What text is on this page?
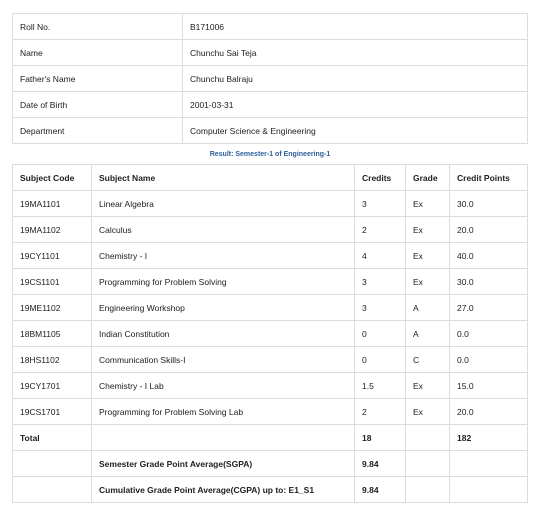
Roll No.	B171006
Name	Chunchu Sai Teja
Father's Name	Chunchu Balraju
Date of Birth	2001-03-31
Department	Computer Science & Engineering
Result: Semester-1 of Engineering-1
Subject Code	Subject Name	Credits	Grade	Credit Points
19MA1101	Linear Algebra	3	Ex	30.0
19MA1102	Calculus	2	Ex	20.0
19CY1101	Chemistry - I	4	Ex	40.0
19CS1101	Programming for Problem Solving	3	Ex	30.0
19ME1102	Engineering Workshop	3	A	27.0
18BM1105	Indian Constitution	0	A	0.0
18HS1102	Communication Skills-I	0	C	0.0
19CY1701	Chemistry - I Lab	1.5	Ex	15.0
19CS1701	Programming for Problem Solving Lab	2	Ex	20.0
Total		18		182
	Semester Grade Point Average(SGPA)	9.84		
	Cumulative Grade Point Average(CGPA) up to: E1_S1	9.84		
